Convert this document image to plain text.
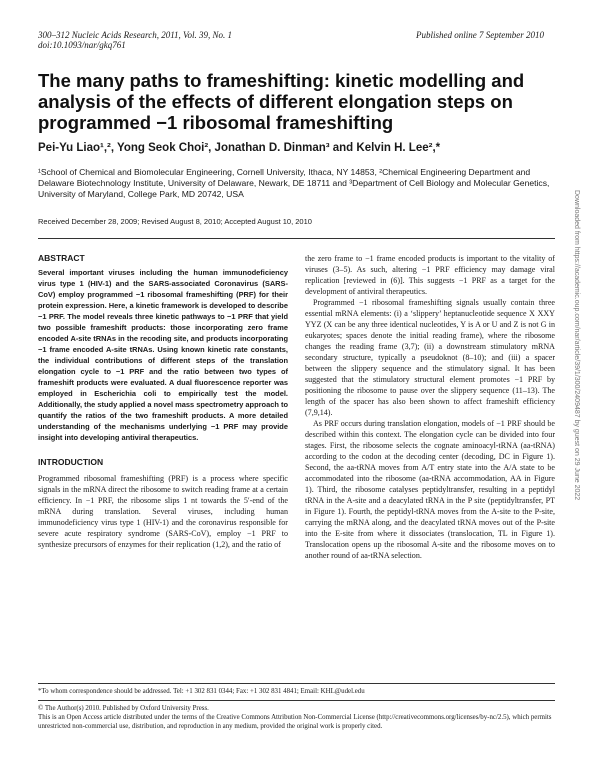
300–312 Nucleic Acids Research, 2011, Vol. 39, No. 1
doi:10.1093/nar/gkq761
Published online 7 September 2010
The many paths to frameshifting: kinetic modelling and analysis of the effects of different elongation steps on programmed −1 ribosomal frameshifting
Pei-Yu Liao¹,², Yong Seok Choi², Jonathan D. Dinman³ and Kelvin H. Lee²,*
¹School of Chemical and Biomolecular Engineering, Cornell University, Ithaca, NY 14853, ²Chemical Engineering Department and Delaware Biotechnology Institute, University of Delaware, Newark, DE 18711 and ³Department of Cell Biology and Molecular Genetics, University of Maryland, College Park, MD 20742, USA
Received December 28, 2009; Revised August 8, 2010; Accepted August 10, 2010
ABSTRACT
Several important viruses including the human immunodeficiency virus type 1 (HIV-1) and the SARS-associated Coronavirus (SARS-CoV) employ programmed −1 ribosomal frameshifting (PRF) for their protein expression. Here, a kinetic framework is developed to describe −1 PRF. The model reveals three kinetic pathways to −1 PRF that yield two possible frameshift products: those incorporating zero frame encoded A-site tRNAs in the recoding site, and products incorporating −1 frame encoded A-site tRNAs. Using known kinetic rate constants, the individual contributions of different steps of the translation elongation cycle to −1 PRF and the ratio between two types of frameshift products were evaluated. A dual fluorescence reporter was employed in Escherichia coli to empirically test the model. Additionally, the study applied a novel mass spectrometry approach to quantify the ratios of the two frameshift products. A more detailed understanding of the mechanisms underlying −1 PRF may provide insight into developing antiviral therapeutics.
INTRODUCTION

Programmed ribosomal frameshifting (PRF) is a process where specific signals in the mRNA direct the ribosome to switch reading frame at a certain efficiency. In −1 PRF, the ribosome slips 1 nt towards the 5′-end of the mRNA during translation. Several viruses, including human immunodeficiency virus type 1 (HIV-1) and the coronavirus responsible for severe acute respiratory syndrome (SARS-CoV), employ −1 PRF to synthesize precursors of enzymes for their replication (1,2), and the ratio of

the zero frame to −1 frame encoded products is important to the vitality of viruses (3–5). As such, altering −1 PRF efficiency may damage viral replication [reviewed in (6)]. This suggests −1 PRF as a target for the development of antiviral therapeutics.

Programmed −1 ribosomal frameshifting signals usually contain three essential mRNA elements: (i) a ‘slippery’ heptanucleotide sequence X XXY YYZ (X can be any three identical nucleotides, Y is A or U and Z is not G in eukaryotes; spaces denote the initial reading frame), where the ribosome changes the reading frame (3,7); (ii) a downstream stimulatory mRNA secondary structure, typically a pseudoknot (8–10); and (iii) a spacer between the slippery sequence and the stimulatory signal. It has been suggested that the stimulatory structural element promotes −1 PRF by positioning the ribosome to pause over the slippery sequence (11–13). The length of the spacer has also been shown to affect frameshift efficiency (7,9,14).

As PRF occurs during translation elongation, models of −1 PRF should be described within this context. The elongation cycle can be divided into four stages. First, the ribosome selects the cognate aminoacyl-tRNA (aa-tRNA) according to the codon at the decoding center (decoding, DC in Figure 1). Second, the aa-tRNA moves from A/T entry state into the A/A state to be accommodated into the ribosome (aa-tRNA accommodation, AA in Figure 1). Third, the ribosome catalyses peptidyltransfer, resulting in a peptidyl tRNA in the A-site and a deacylated tRNA in the P site (peptidyltransfer, PT in Figure 1). Fourth, the peptidyl-tRNA moves from the A-site to the P-site, carrying the mRNA along, and the deacylated tRNA moves out of the P-site into the E-site from where it dissociates (translocation, TL in Figure 1). Translocation opens up the ribosomal A-site and the ribosome moves on to another round of aa-tRNA selection.

*To whom correspondence should be addressed. Tel: +1 302 831 0344; Fax: +1 302 831 4841; Email: KHL@udel.edu
© The Author(s) 2010. Published by Oxford University Press.
This is an Open Access article distributed under the terms of the Creative Commons Attribution Non-Commercial License (http://creativecommons.org/licenses/by-nc/2.5), which permits unrestricted non-commercial use, distribution, and reproduction in any medium, provided the original work is properly cited.
Downloaded from https://academic.oup.com/nar/article/39/1/300/2409487 by guest on 29 June 2022
